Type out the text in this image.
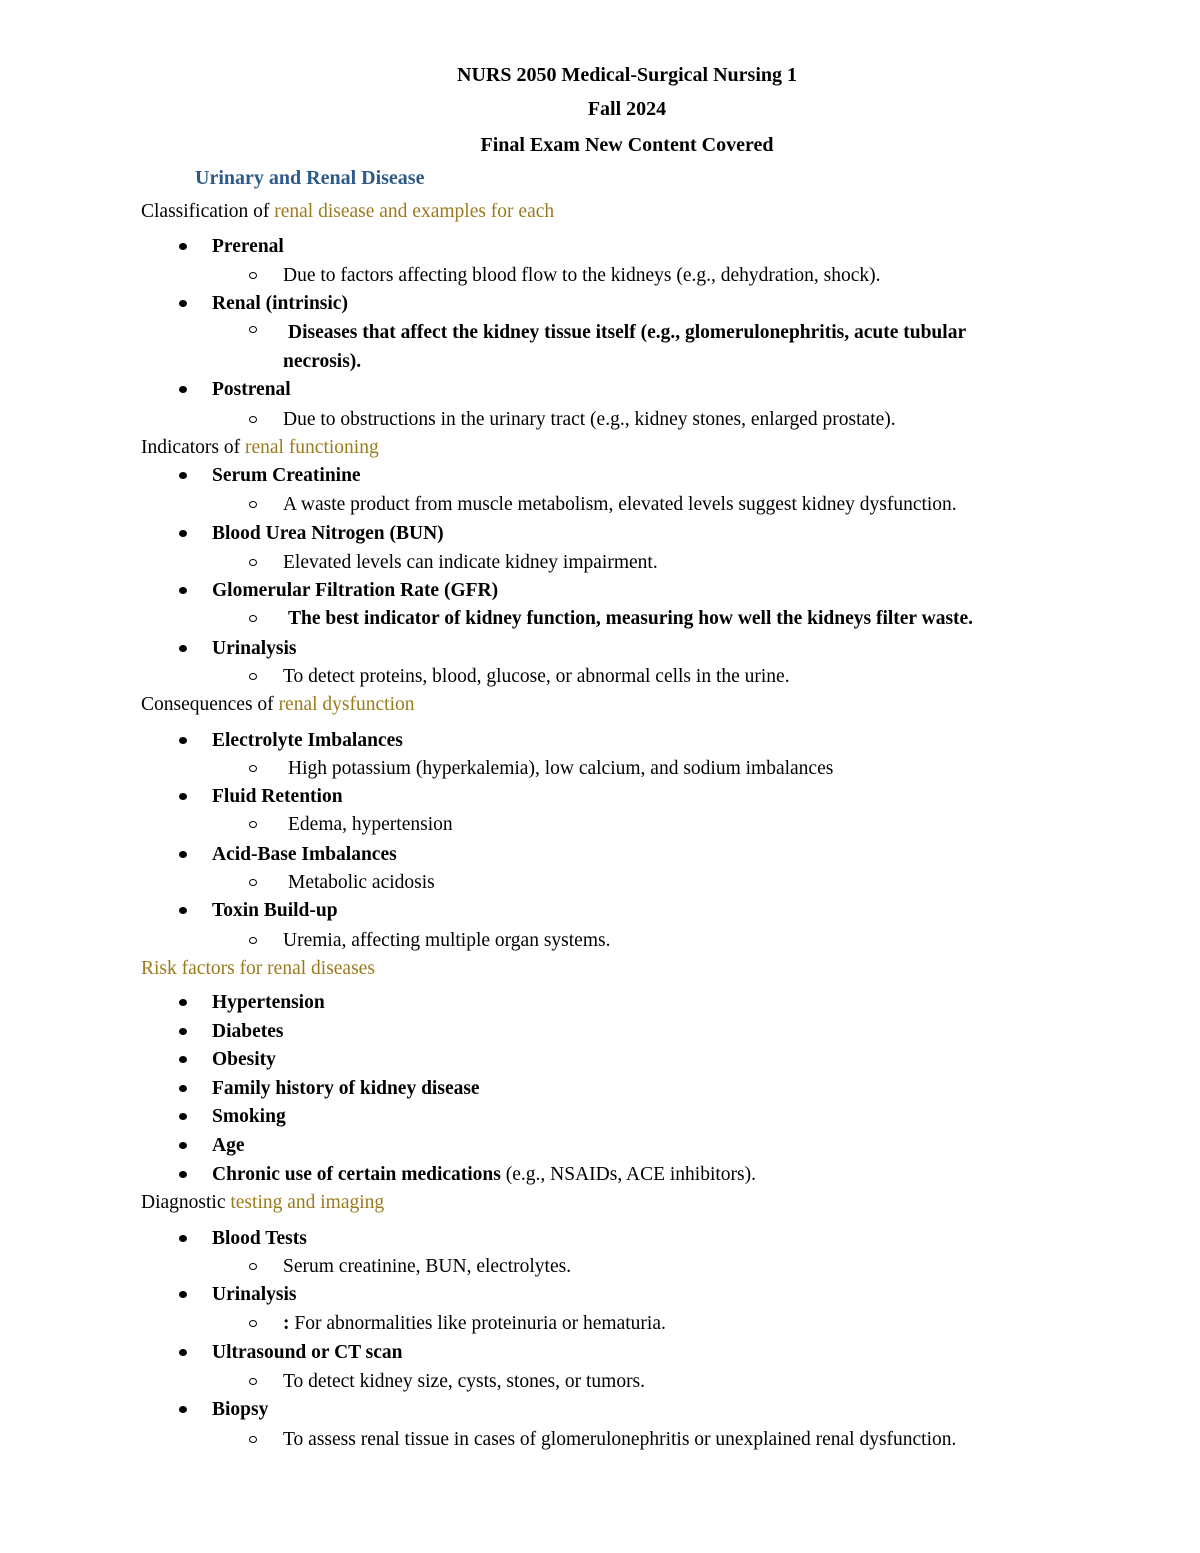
NURS 2050 Medical-Surgical Nursing 1
Fall 2024
Final Exam New Content Covered
Urinary and Renal Disease
Classification of renal disease and examples for each
Prerenal
Due to factors affecting blood flow to the kidneys (e.g., dehydration, shock).
Renal (intrinsic)
Diseases that affect the kidney tissue itself (e.g., glomerulonephritis, acute tubular necrosis).
Postrenal
Due to obstructions in the urinary tract (e.g., kidney stones, enlarged prostate).
Indicators of renal functioning
Serum Creatinine
A waste product from muscle metabolism, elevated levels suggest kidney dysfunction.
Blood Urea Nitrogen (BUN)
Elevated levels can indicate kidney impairment.
Glomerular Filtration Rate (GFR)
The best indicator of kidney function, measuring how well the kidneys filter waste.
Urinalysis
To detect proteins, blood, glucose, or abnormal cells in the urine.
Consequences of renal dysfunction
Electrolyte Imbalances
High potassium (hyperkalemia), low calcium, and sodium imbalances
Fluid Retention
Edema, hypertension
Acid-Base Imbalances
Metabolic acidosis
Toxin Build-up
Uremia, affecting multiple organ systems.
Risk factors for renal diseases
Hypertension
Diabetes
Obesity
Family history of kidney disease
Smoking
Age
Chronic use of certain medications (e.g., NSAIDs, ACE inhibitors).
Diagnostic testing and imaging
Blood Tests
Serum creatinine, BUN, electrolytes.
Urinalysis
: For abnormalities like proteinuria or hematuria.
Ultrasound or CT scan
To detect kidney size, cysts, stones, or tumors.
Biopsy
To assess renal tissue in cases of glomerulonephritis or unexplained renal dysfunction.
